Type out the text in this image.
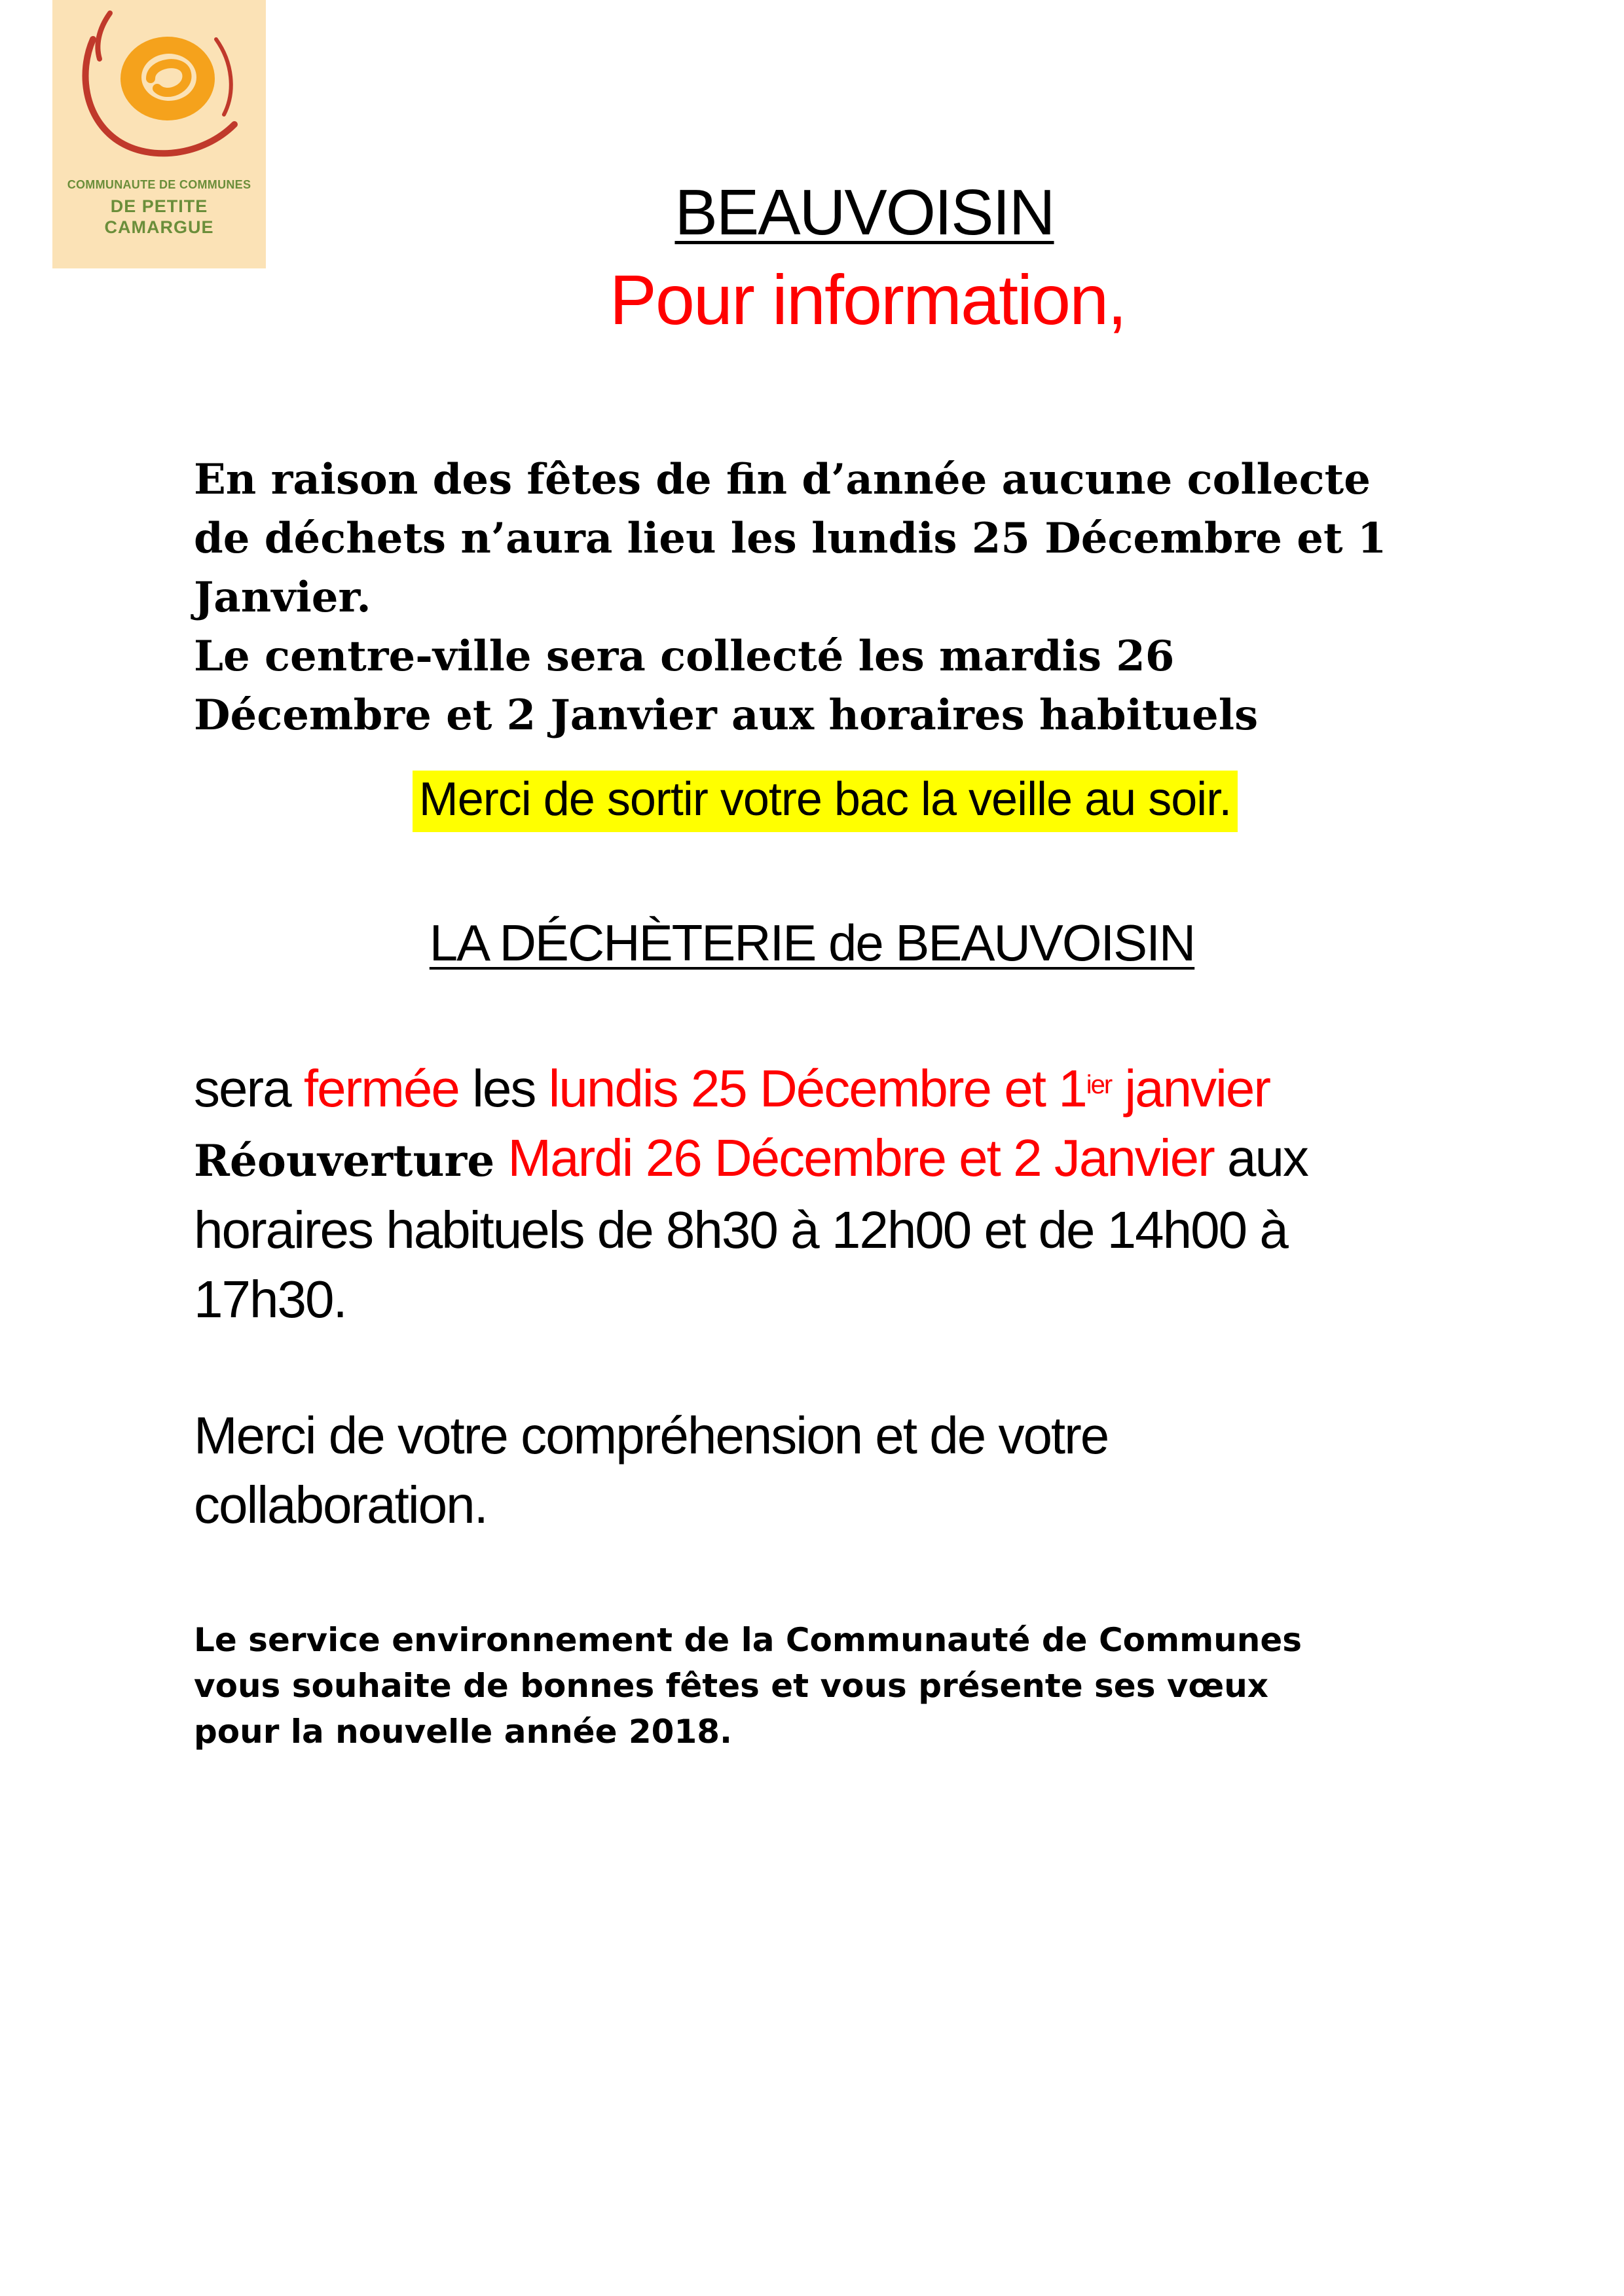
COMMUNAUTE DE COMMUNES
DE PETITE
CAMARGUE	BEAUVOISIN
Pour information,
En raison des fêtes de fin d’année aucune collecte
de déchets n’aura lieu les lundis 25 Décembre et 1
Janvier.
Le centre-ville sera collecté les mardis 26
Décembre et 2 Janvier aux horaires habituels
Merci de sortir votre bac la veille au soir.
LA DÉCHÈTERIE de BEAUVOISIN
sera fermée les lundis 25 Décembre et $1^{ier}$ janvier
Réouverture Mardi 26 Décembre et 2 Janvier aux
horaires habituels de 8h30 à 12h00 et de 14h00 à
17h30.
Merci de votre compréhension et de votre
collaboration.
Le service environnement de la Communauté de Communes
vous souhaite de bonnes fêtes et vous présente ses vœux
pour la nouvelle année 2018.
